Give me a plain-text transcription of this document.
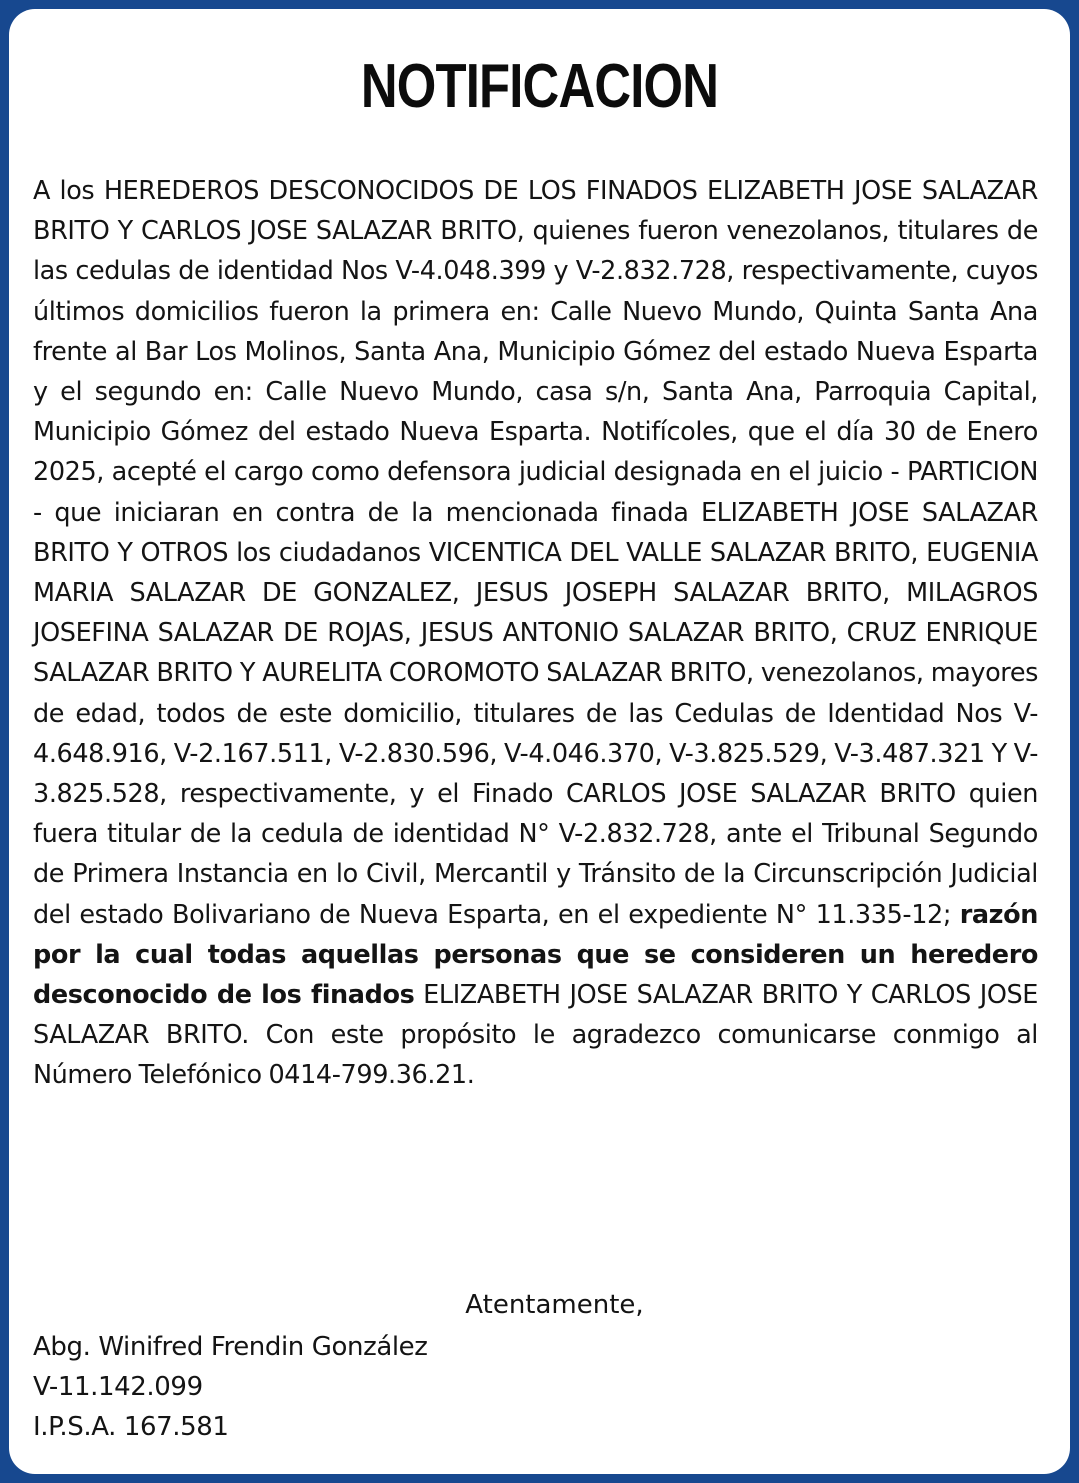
NOTIFICACION
A los HEREDEROS DESCONOCIDOS DE LOS FINADOS ELIZABETH JOSE SALAZAR BRITO Y CARLOS JOSE SALAZAR BRITO, quienes fueron venezolanos, titulares de las cedulas de identidad Nos V-4.048.399 y V-2.832.728, respectivamente, cuyos últimos domicilios fueron la primera en: Calle Nuevo Mundo, Quinta Santa Ana frente al Bar Los Molinos, Santa Ana, Municipio Gómez del estado Nueva Esparta y el segundo en: Calle Nuevo Mundo, casa s/n, Santa Ana, Parroquia Capital, Municipio Gómez del estado Nueva Esparta. Notifícoles, que el día 30 de Enero 2025, acepté el cargo como defensora judicial designada en el juicio - PARTICION - que iniciaran en contra de la mencionada finada ELIZABETH JOSE SALAZAR BRITO Y OTROS los ciudadanos VICENTICA DEL VALLE SALAZAR BRITO, EUGENIA MARIA SALAZAR DE GONZALEZ, JESUS JOSEPH SALAZAR BRITO, MILAGROS JOSEFINA SALAZAR DE ROJAS, JESUS ANTONIO SALAZAR BRITO, CRUZ ENRIQUE SALAZAR BRITO Y AURELITA COROMOTO SALAZAR BRITO, venezolanos, mayores de edad, todos de este domicilio, titulares de las Cedulas de Identidad Nos V-4.648.916, V-2.167.511, V-2.830.596, V-4.046.370, V-3.825.529, V-3.487.321 Y V-3.825.528, respectivamente, y el Finado CARLOS JOSE SALAZAR BRITO quien fuera titular de la cedula de identidad N° V-2.832.728, ante el Tribunal Segundo de Primera Instancia en lo Civil, Mercantil y Tránsito de la Circunscripción Judicial del estado Bolivariano de Nueva Esparta, en el expediente N° 11.335-12; razón por la cual todas aquellas personas que se consideren un heredero desconocido de los finados ELIZABETH JOSE SALAZAR BRITO Y CARLOS JOSE SALAZAR BRITO. Con este propósito le agradezco comunicarse conmigo al Número Telefónico 0414-799.36.21.
Atentamente,
Abg. Winifred Frendin González
V-11.142.099
I.P.S.A. 167.581
